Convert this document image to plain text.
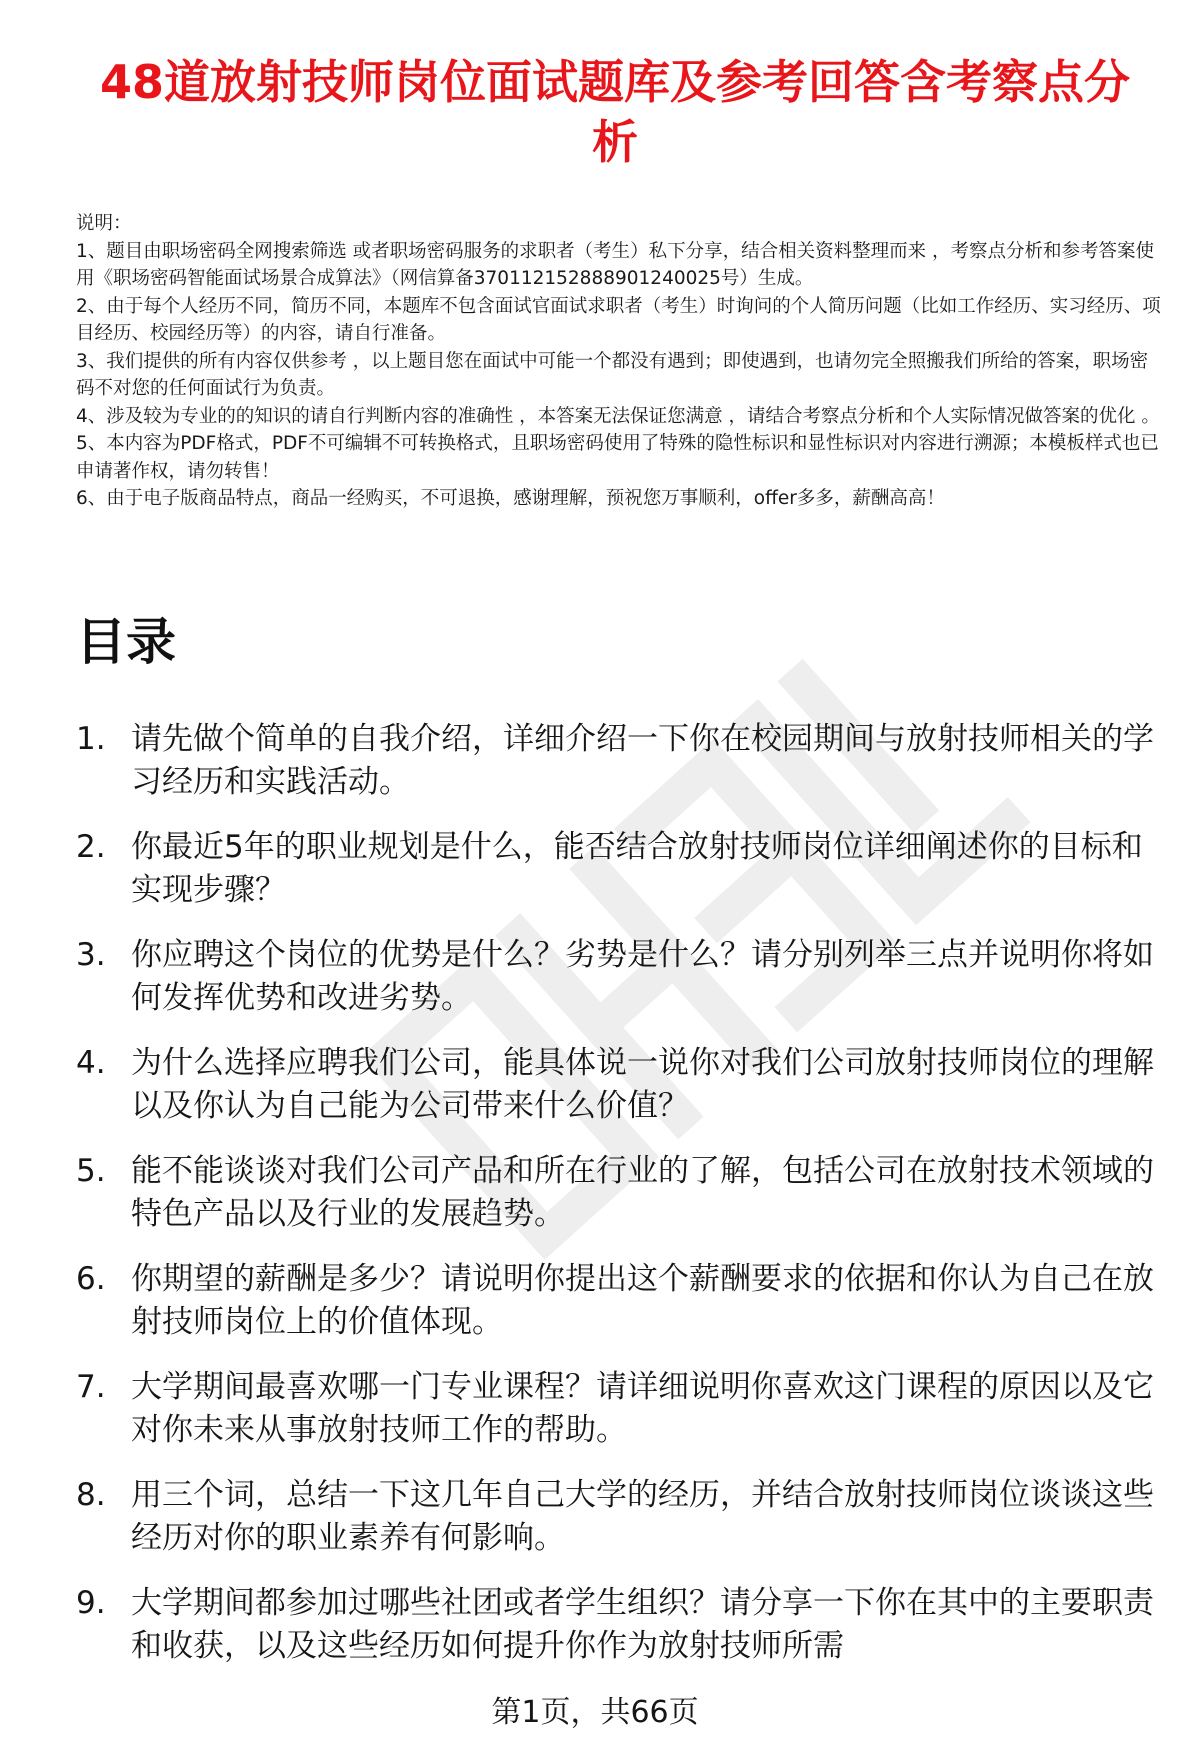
48道放射技师岗位面试题库及参考回答含考察点分析
说明：
1、题目由职场密码全网搜索筛选 或者职场密码服务的求职者（考生）私下分享，结合相关资料整理而来 ，考察点分析和参考答案使用《职场密码智能面试场景合成算法》（网信算备370112152888901240025号）生成。
2、由于每个人经历不同，简历不同，本题库不包含面试官面试求职者（考生）时询问的个人简历问题（比如工作经历、实习经历、项目经历、校园经历等）的内容，请自行准备。
3、我们提供的所有内容仅供参考 ，以上题目您在面试中可能一个都没有遇到；即使遇到，也请勿完全照搬我们所给的答案，职场密码不对您的任何面试行为负责。
4、涉及较为专业的的知识的请自行判断内容的准确性 ，本答案无法保证您满意 ，请结合考察点分析和个人实际情况做答案的优化 。
5、本内容为PDF格式，PDF不可编辑不可转换格式，且职场密码使用了特殊的隐性标识和显性标识对内容进行溯源；本模板样式也已申请著作权，请勿转售！
6、由于电子版商品特点，商品一经购买，不可退换，感谢理解，预祝您万事顺利，offer多多，薪酬高高！
目录
1. 请先做个简单的自我介绍，详细介绍一下你在校园期间与放射技师相关的学习经历和实践活动。
2. 你最近5年的职业规划是什么，能否结合放射技师岗位详细阐述你的目标和实现步骤？
3. 你应聘这个岗位的优势是什么？劣势是什么？请分别列举三点并说明你将如何发挥优势和改进劣势。
4. 为什么选择应聘我们公司，能具体说一说你对我们公司放射技师岗位的理解以及你认为自己能为公司带来什么价值？
5. 能不能谈谈对我们公司产品和所在行业的了解，包括公司在放射技术领域的特色产品以及行业的发展趋势。
6. 你期望的薪酬是多少？请说明你提出这个薪酬要求的依据和你认为自己在放射技师岗位上的价值体现。
7. 大学期间最喜欢哪一门专业课程？请详细说明你喜欢这门课程的原因以及它对你未来从事放射技师工作的帮助。
8. 用三个词，总结一下这几年自己大学的经历，并结合放射技师岗位谈谈这些经历对你的职业素养有何影响。
9. 大学期间都参加过哪些社团或者学生组织？请分享一下你在其中的主要职责和收获，以及这些经历如何提升你作为放射技师所需
第1页，共66页
